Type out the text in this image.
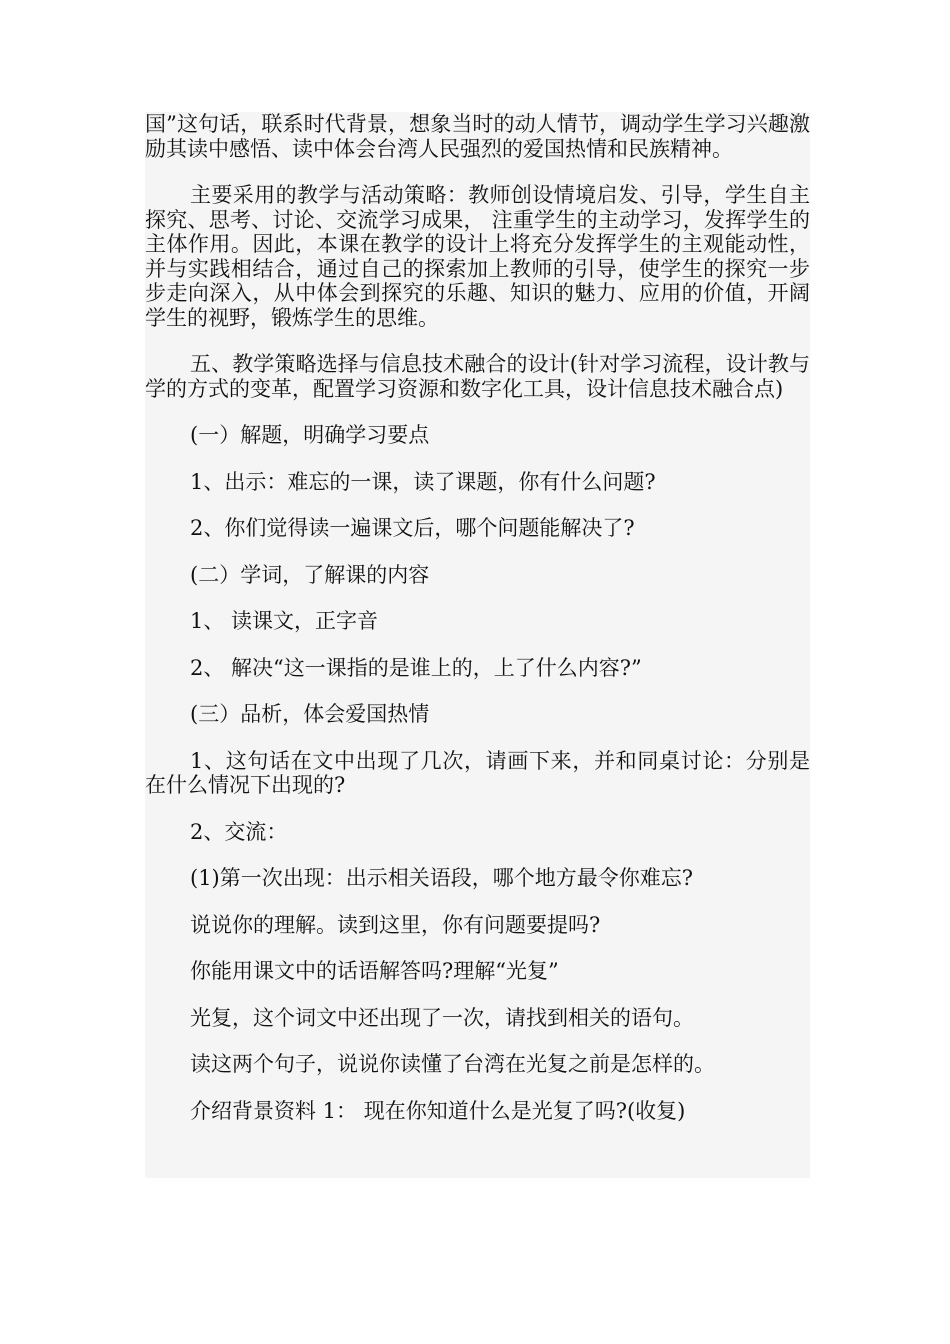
国”这句话，联系时代背景，想象当时的动人情节，调动学生学习兴趣激励其读中感悟、读中体会台湾人民强烈的爱国热情和民族精神。

主要采用的教学与活动策略：教师创设情境启发、引导，学生自主探究、思考、讨论、交流学习成果， 注重学生的主动学习，发挥学生的主体作用。因此，本课在教学的设计上将充分发挥学生的主观能动性，并与实践相结合，通过自己的探索加上教师的引导，使学生的探究一步步走向深入，从中体会到探究的乐趣、知识的魅力、应用的价值，开阔学生的视野，锻炼学生的思维。

五、教学策略选择与信息技术融合的设计(针对学习流程，设计教与学的方式的变革，配置学习资源和数字化工具，设计信息技术融合点)

(一）解题，明确学习要点

1、出示：难忘的一课，读了课题，你有什么问题?

2、你们觉得读一遍课文后，哪个问题能解决了?

(二）学词，了解课的内容

1、 读课文，正字音

2、 解决“这一课指的是谁上的，上了什么内容?”

(三）品析，体会爱国热情

1、这句话在文中出现了几次，请画下来，并和同桌讨论：分别是在什么情况下出现的?

2、交流：

(1)第一次出现：出示相关语段，哪个地方最令你难忘?

说说你的理解。读到这里，你有问题要提吗?

你能用课文中的话语解答吗?理解“光复”

光复，这个词文中还出现了一次，请找到相关的语句。

读这两个句子，说说你读懂了台湾在光复之前是怎样的。

介绍背景资料 1： 现在你知道什么是光复了吗?(收复)
